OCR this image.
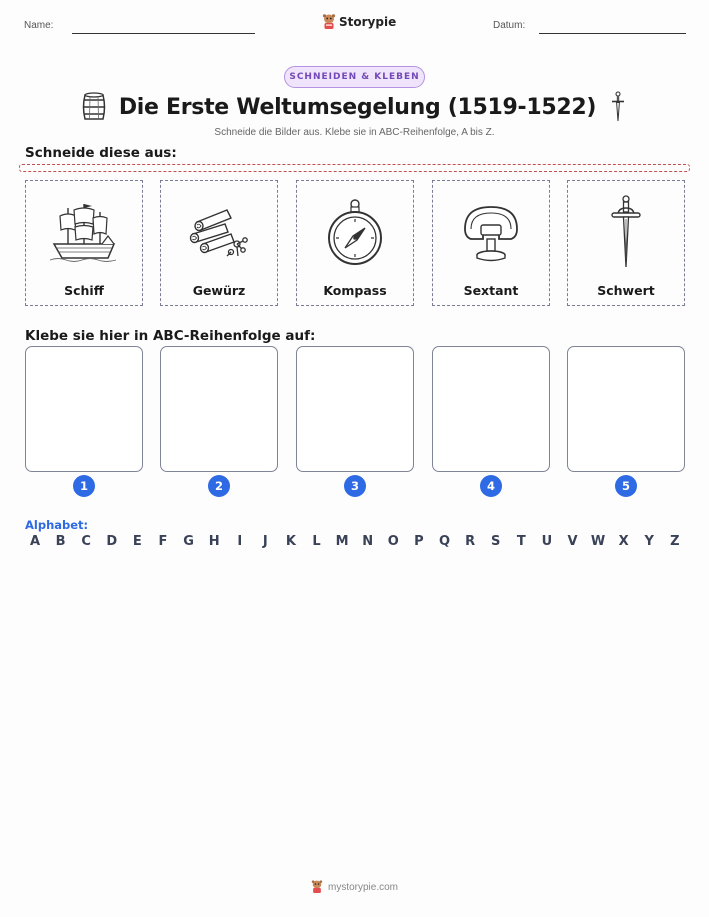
Name:	Storypie	Datum:
SCHNEIDEN & KLEBEN
Die Erste Weltumsegelung (1519-1522)
Schneide die Bilder aus. Klebe sie in ABC-Reihenfolge, A bis Z.
Schneide diese aus:
Schiff	Gewürz	Kompass	Sextant	Schwert
Klebe sie hier in ABC-Reihenfolge auf:
1	2	3	4	5
Alphabet:
A	B	C	D	E	F	G	H	I	J	K	L	M	N	O	P	Q	R	S	T	U	V	W	X	Y	Z
mystorypie.com
